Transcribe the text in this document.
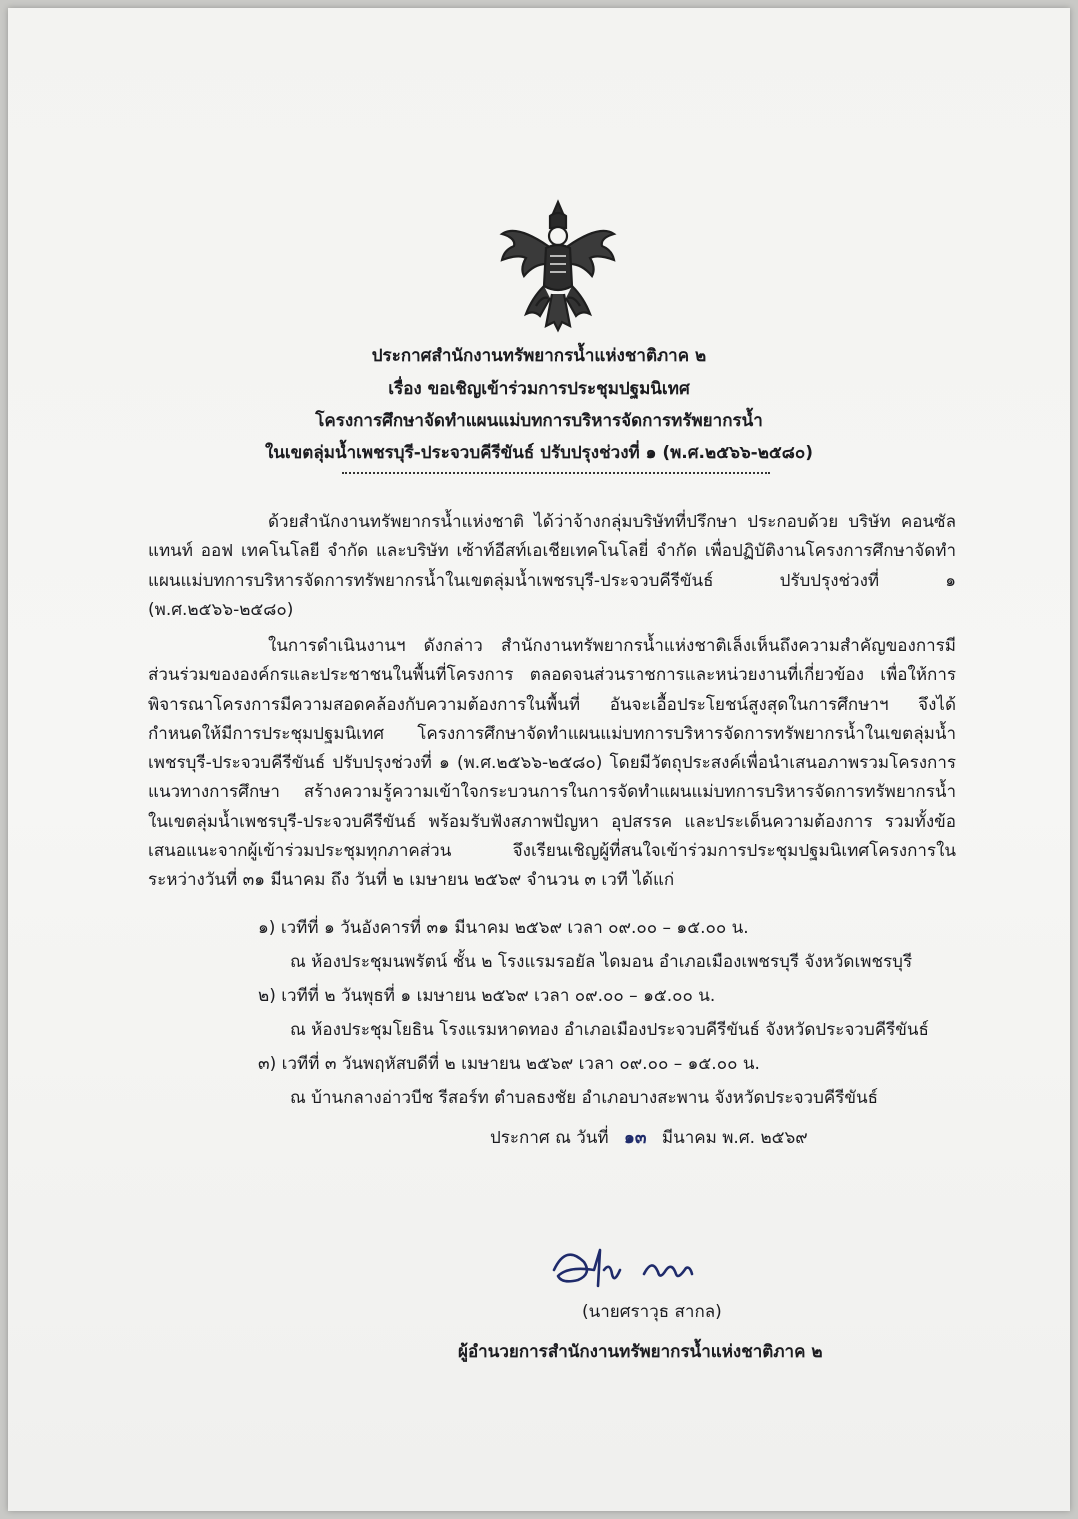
ประกาศสำนักงานทรัพยากรน้ำแห่งชาติภาค ๒
เรื่อง ขอเชิญเข้าร่วมการประชุมปฐมนิเทศ
โครงการศึกษาจัดทำแผนแม่บทการบริหารจัดการทรัพยากรน้ำ
ในเขตลุ่มน้ำเพชรบุรี-ประจวบคีรีขันธ์ ปรับปรุงช่วงที่ ๑ (พ.ศ.๒๕๖๖-๒๕๘๐)
ด้วยสำนักงานทรัพยากรน้ำแห่งชาติ ได้ว่าจ้างกลุ่มบริษัทที่ปรึกษา ประกอบด้วย บริษัท คอนซัลแทนท์ ออฟ เทคโนโลยี จำกัด และบริษัท เซ้าท์อีสท์เอเชียเทคโนโลยี่ จำกัด เพื่อปฏิบัติงานโครงการศึกษาจัดทำแผนแม่บทการบริหารจัดการทรัพยากรน้ำในเขตลุ่มน้ำเพชรบุรี-ประจวบคีรีขันธ์ ปรับปรุงช่วงที่ ๑ (พ.ศ.๒๕๖๖-๒๕๘๐)
ในการดำเนินงานฯ ดังกล่าว สำนักงานทรัพยากรน้ำแห่งชาติเล็งเห็นถึงความสำคัญของการมีส่วนร่วมขององค์กรและประชาชนในพื้นที่โครงการ ตลอดจนส่วนราชการและหน่วยงานที่เกี่ยวข้อง เพื่อให้การพิจารณาโครงการมีความสอดคล้องกับความต้องการในพื้นที่ อันจะเอื้อประโยชน์สูงสุดในการศึกษาฯ จึงได้กำหนดให้มีการประชุมปฐมนิเทศ โครงการศึกษาจัดทำแผนแม่บทการบริหารจัดการทรัพยากรน้ำในเขตลุ่มน้ำเพชรบุรี-ประจวบคีรีขันธ์ ปรับปรุงช่วงที่ ๑ (พ.ศ.๒๕๖๖-๒๕๘๐) โดยมีวัตถุประสงค์เพื่อนำเสนอภาพรวมโครงการ แนวทางการศึกษา สร้างความรู้ความเข้าใจกระบวนการในการจัดทำแผนแม่บทการบริหารจัดการทรัพยากรน้ำในเขตลุ่มน้ำเพชรบุรี-ประจวบคีรีขันธ์ พร้อมรับฟังสภาพปัญหา อุปสรรค และประเด็นความต้องการ รวมทั้งข้อเสนอแนะจากผู้เข้าร่วมประชุมทุกภาคส่วน จึงเรียนเชิญผู้ที่สนใจเข้าร่วมการประชุมปฐมนิเทศโครงการในระหว่างวันที่ ๓๑ มีนาคม ถึง วันที่ ๒ เมษายน ๒๕๖๙ จำนวน ๓ เวที ได้แก่
๑) เวทีที่ ๑ วันอังคารที่ ๓๑ มีนาคม ๒๕๖๙ เวลา ๐๙.๐๐ – ๑๕.๐๐ น.
ณ ห้องประชุมนพรัตน์ ชั้น ๒ โรงแรมรอยัล ไดมอน อำเภอเมืองเพชรบุรี จังหวัดเพชรบุรี
๒) เวทีที่ ๒ วันพุธที่ ๑ เมษายน ๒๕๖๙ เวลา ๐๙.๐๐ – ๑๕.๐๐ น.
ณ ห้องประชุมโยธิน โรงแรมหาดทอง อำเภอเมืองประจวบคีรีขันธ์ จังหวัดประจวบคีรีขันธ์
๓) เวทีที่ ๓ วันพฤหัสบดีที่ ๒ เมษายน ๒๕๖๙ เวลา ๐๙.๐๐ – ๑๕.๐๐ น.
ณ บ้านกลางอ่าวบีช รีสอร์ท ตำบลธงชัย อำเภอบางสะพาน จังหวัดประจวบคีรีขันธ์
ประกาศ ณ วันที่ ๑๓ มีนาคม พ.ศ. ๒๕๖๙
(นายศราวุธ สากล)
ผู้อำนวยการสำนักงานทรัพยากรน้ำแห่งชาติภาค ๒
